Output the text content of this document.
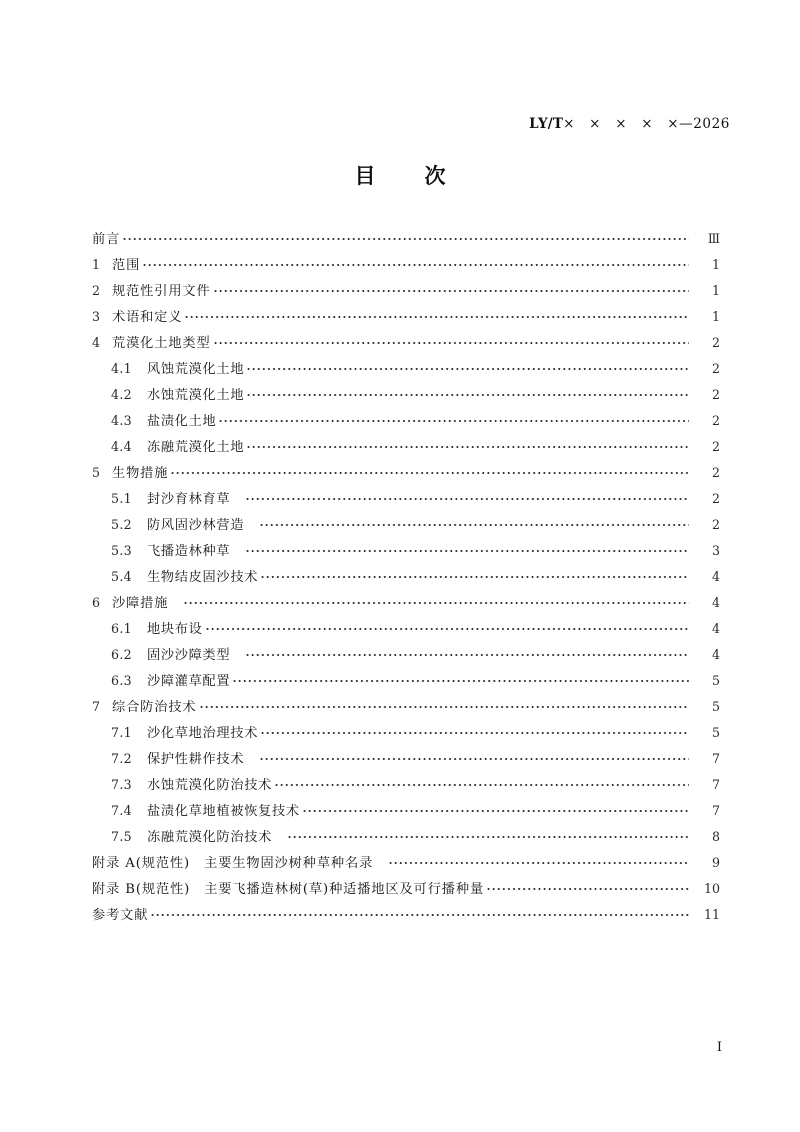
LY/T×　×　×　×　×—2026

目　次
前言	Ⅲ
1 范围	1
2 规范性引用文件	1
3 术语和定义	1
4 荒漠化土地类型	2
4.1	风蚀荒漠化土地	2
4.2	水蚀荒漠化土地	2
4.3	盐渍化土地	2
4.4	冻融荒漠化土地	2
5 生物措施	2
5.1	封沙育林育草	2
5.2	防风固沙林营造	2
5.3	飞播造林种草	3
5.4	生物结皮固沙技术	4
6 沙障措施	4
6.1	地块布设	4
6.2	固沙沙障类型	4
6.3	沙障灌草配置	5
7 综合防治技术	5
7.1	沙化草地治理技术	5
7.2	保护性耕作技术	7
7.3	水蚀荒漠化防治技术	7
7.4	盐渍化草地植被恢复技术	7
7.5	冻融荒漠化防治技术	8
附录 A(规范性)　主要生物固沙树种草种名录	9
附录 B(规范性)　主要飞播造林树(草)种适播地区及可行播种量	10
参考文献	11
I
